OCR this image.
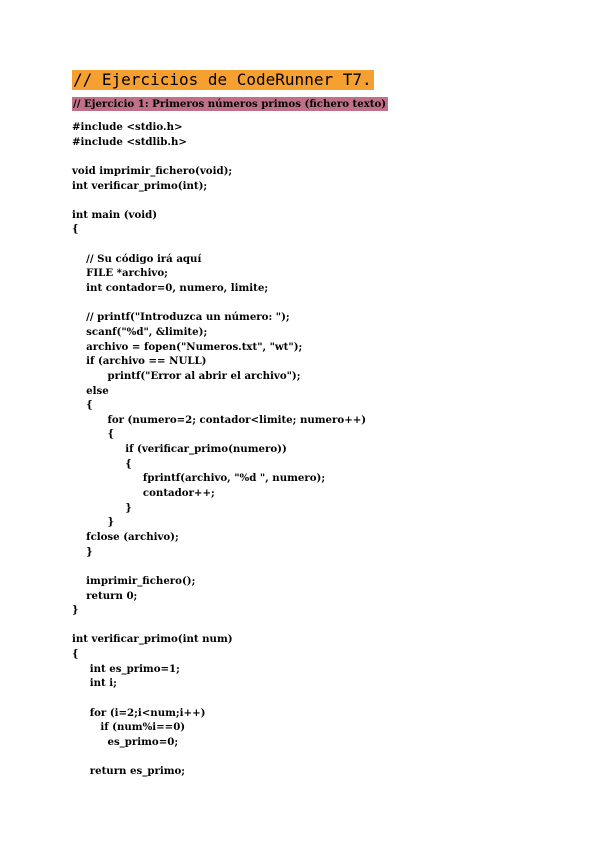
// Ejercicios de CodeRunner T7.
// Ejercicio 1: Primeros números primos (fichero texto)
#include <stdio.h>
#include <stdlib.h>
void imprimir_fichero(void);
int verificar_primo(int);
int main (void)
{
// Su código irá aquí
FILE *archivo;
int contador=0, numero, limite;
// printf("Introduzca un número: ");
scanf("%d", &limite);
archivo = fopen("Numeros.txt", "wt");
if (archivo == NULL)
printf("Error al abrir el archivo");
else
{
for (numero=2; contador<limite; numero++)
{
if (verificar_primo(numero))
{
fprintf(archivo, "%d ", numero);
contador++;
}
}
fclose (archivo);
}
imprimir_fichero();
return 0;
}
int verificar_primo(int num)
{
int es_primo=1;
int i;
for (i=2;i<num;i++)
if (num%i==0)
es_primo=0;
return es_primo;
